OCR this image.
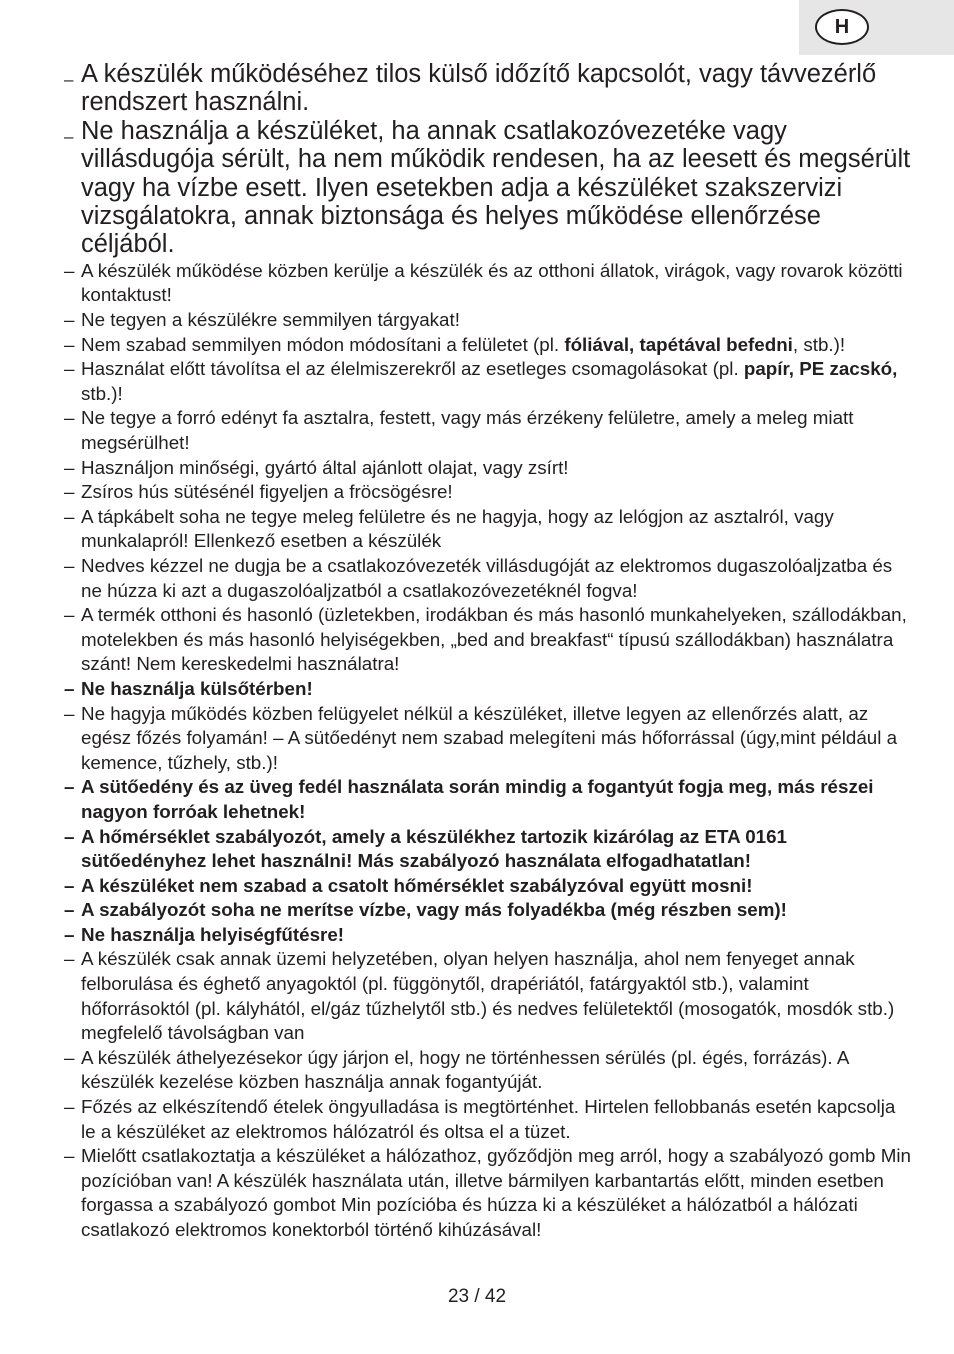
H
– A készülék működéséhez tilos külső időzítő kapcsolót, vagy távvezérlő rendszert használni.
– Ne használja a készüléket, ha annak csatlakozóvezetéke vagy villásdugójа sérült, ha nem működik rendesen, ha az leesett és megsérült vagy ha vízbe esett. Ilyen esetekben adja a készüléket szakszervizi vizsgálatokra, annak biztonsága és helyes működése ellenőrzése céljából.
– A készülék működése közben kerülje a készülék és az otthoni állatok, virágok, vagy rovarok közötti kontaktust!
– Ne tegyen a készülékre semmilyen tárgyakat!
– Nem szabad semmilyen módon módosítani a felületet (pl. fóliával, tapétával befedni, stb.)!
– Használat előtt távolítsa el az élelmiszerekről az esetleges csomagolásokat (pl. papír, PE zacskó, stb.)!
– Ne tegye a forró edényt fa asztalra, festett, vagy más érzékeny felületre, amely a meleg miatt megsérülhet!
– Használjon minőségi, gyártó által ajánlott olajat, vagy zsírt!
– Zsíros hús sütésénél figyeljen a fröcsögésre!
– A tápkábelt soha ne tegye meleg felületre és ne hagyja, hogy az lelógjon az asztalról, vagy munkalapról! Ellenkező esetben a készülék
– Nedves kézzel ne dugja be a csatlakozóvezeték villásdugóját az elektromos dugaszolóaljzatba és ne húzza ki azt a dugaszolóaljzatból a csatlakozóvezetéknél fogva!
– A termék otthoni és hasonló (üzletekben, irodákban és más hasonló munkahelyeken, szállodákban, motelekben és más hasonló helyiségekben, „bed and breakfast“ típusú szállodákban) használatra szánt! Nem kereskedelmi használatra!
– Ne használja külsőtérben!
– Ne hagyja működés közben felügyelet nélkül a készüléket, illetve legyen az ellenőrzés alatt, az egész főzés folyamán! – A sütőedényt nem szabad melegíteni más hőforrással (úgy,mint például a kemence, tűzhely, stb.)!
– A sütőedény és az üveg fedél használata során mindig a fogantyút fogja meg, más részei nagyon forróak lehetnek!
– A hőmérséklet szabályozót, amely a készülékhez tartozik kizárólag az ETA 0161 sütőedényhez lehet használni! Más szabályozó használata elfogadhatatlan!
– A készüléket nem szabad a csatolt hőmérséklet szabályzóval együtt mosni!
– A szabályozót soha ne merítse vízbe, vagy más folyadékba (még részben sem)!
– Ne használja helyiségfűtésre!
– A készülék csak annak üzemi helyzetében, olyan helyen használja, ahol nem fenyeget annak felborulása és éghető anyagoktól (pl. függönytől, drapériától, fatárgyaktól stb.), valamint hőforrásoktól (pl. kályhától, el/gáz tűzhelytől stb.) és nedves felületektől (mosogatók, mosdók stb.) megfelelő távolságban van
– A készülék áthelyezésekor úgy járjon el, hogy ne történhessen sérülés (pl. égés, forrázás). A készülék kezelése közben használja annak fogantyúját.
– Főzés az elkészítendő ételek öngyulladása is megtörténhet. Hirtelen fellobbanás esetén kapcsolja le a készüléket az elektromos hálózatról és oltsa el a tüzet.
– Mielőtt csatlakoztatja a készüléket a hálózathoz, győződjön meg arról, hogy a szabályozó gomb Min pozícióban van! A készülék használata után, illetve bármilyen karbantartás előtt, minden esetben forgassa a szabályozó gombot Min pozícióba és húzza ki a készüléket a hálózatból a hálózati csatlakozó elektromos konektorból történő kihúzásával!
23 / 42
